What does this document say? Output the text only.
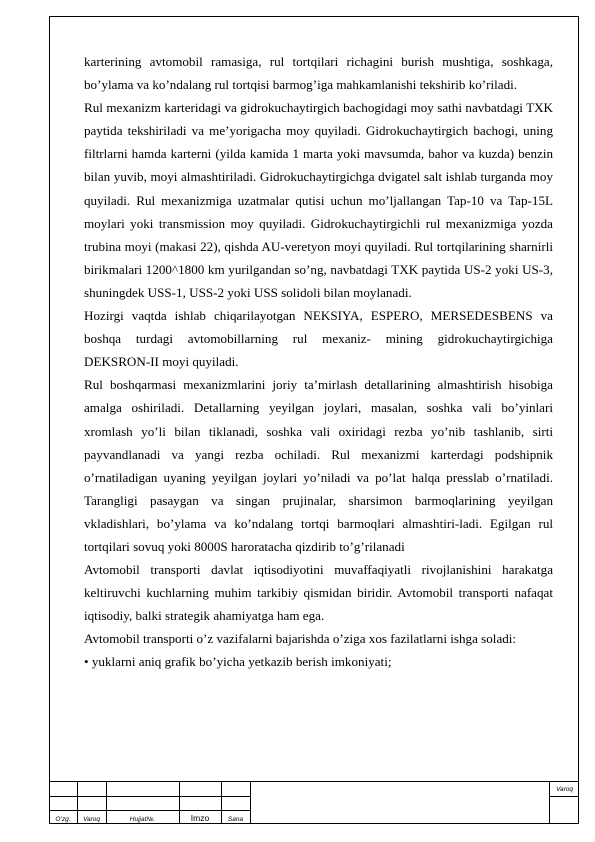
karterining avtomobil ramasiga, rul tortqilari richagini burish mushtiga, soshkaga, bo’ylama va ko’ndalang rul tortqisi barmog’iga mahkamlanishi tekshirib ko’riladi.

Rul mexanizm karteridagi va gidrokuchaytirgich bachogidagi moy sathi navbatdagi TXK paytida tekshiriladi va me’yorigacha moy quyiladi. Gidrokuchaytirgich bachogi, uning filtrlarni hamda karterni (yilda kamida 1 marta yoki mavsumda, bahor va kuzda) benzin bilan yuvib, moyi almashtiriladi. Gidrokuchaytirgichga dvigatel salt ishlab turganda moy quyiladi. Rul mexanizmiga uzatmalar qutisi uchun mo’ljallangan Tap-10 va Tap-15L moylari yoki transmission moy quyiladi. Gidrokuchaytirgichli rul mexanizmiga yozda trubina moyi (makasi 22), qishda AU-veretyon moyi quyiladi. Rul tortqilarining sharnirli birikmalari 1200^1800 km yurilgandan so’ng, navbatdagi TXK paytida US-2 yoki US-3, shuningdek USS-1, USS-2 yoki USS solidoli bilan moylanadi.

Hozirgi vaqtda ishlab chiqarilayotgan NEKSIYA, ESPERO, MERSEDESBENS va boshqa turdagi avtomobillarning rul mexaniz- mining gidrokuchaytirgichiga DEKSRON-II moyi quyiladi.

Rul boshqarmasi mexanizmlarini joriy ta’mirlash detallarining almashtirish hisobiga amalga oshiriladi. Detallarning yeyilgan joylari, masalan, soshka vali bo’yinlari xromlash yo’li bilan tiklanadi, soshka vali oxiridagi rezba yo’nib tashlanib, sirti payvandlanadi va yangi rezba ochiladi. Rul mexanizmi karterdagi podshipnik o’rnatiladigan uyaning yeyilgan joylari yo’niladi va po’lat halqa presslab o’rnatiladi. Tarangligi pasaygan va singan prujinalar, sharsimon barmoqlarining yeyilgan vkladishlari, bo’ylama va ko’ndalang tortqi barmoqlari almashtiri-ladi. Egilgan rul tortqilari sovuq yoki 8000S haroratacha qizdirib to’g’rilanadi

Avtomobil transporti davlat iqtisodiyotini muvaffaqiyatli rivojlanishini harakatga keltiruvchi kuchlarning muhim tarkibiy qismidan biridir. Avtomobil transporti nafaqat iqtisodiy, balki strategik ahamiyatga ham ega.

Avtomobil transporti o’z vazifalarni bajarishda o’ziga xos fazilatlarni ishga soladi:

• yuklarni aniq grafik bo’yicha yetkazib berish imkoniyati;

O’zg.	Varoq	Hujjat№.	Imzo	Sana
Varoq
